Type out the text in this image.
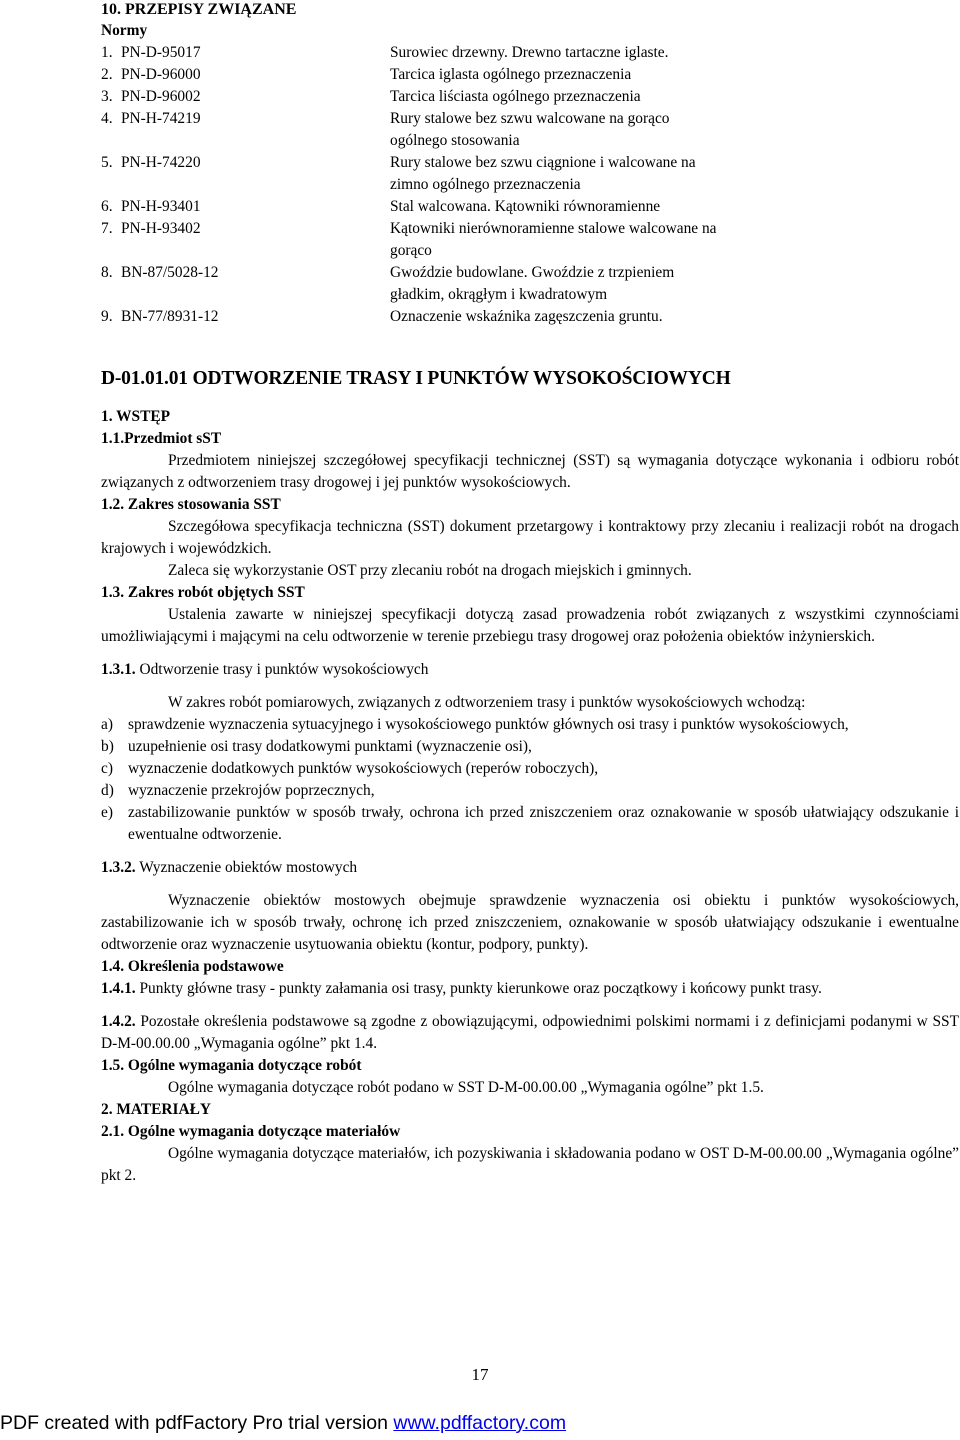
10. PRZEPISY ZWIĄZANE
Normy
1. PN-D-95017	Surowiec drzewny. Drewno tartaczne iglaste.
2. PN-D-96000	Tarcica iglasta ogólnego przeznaczenia
3. PN-D-96002	Tarcica liściasta ogólnego przeznaczenia
4. PN-H-74219	Rury stalowe bez szwu walcowane na gorąco
ogólnego stosowania
5. PN-H-74220	Rury stalowe bez szwu ciągnione i walcowane na
zimno ogólnego przeznaczenia
6. PN-H-93401	Stal walcowana. Kątowniki równoramienne
7. PN-H-93402	Kątowniki nierównoramienne stalowe walcowane na
gorąco
8. BN-87/5028-12	Gwoździe budowlane. Gwoździe z trzpieniem
gładkim, okrągłym i kwadratowym
9. BN-77/8931-12	Oznaczenie wskaźnika zagęszczenia gruntu.
D-01.01.01 ODTWORZENIE TRASY I PUNKTÓW WYSOKOŚCIOWYCH

1. WSTĘP

1.1.Przedmiot sST

Przedmiotem niniejszej szczegółowej specyfikacji technicznej (SST) są wymagania dotyczące wykonania i odbioru robót związanych z odtworzeniem trasy drogowej i jej punktów wysokościowych.

1.2. Zakres stosowania SST

Szczegółowa specyfikacja techniczna (SST) dokument przetargowy i kontraktowy przy zlecaniu i realizacji robót na drogach krajowych i wojewódzkich.

Zaleca się wykorzystanie OST przy zlecaniu robót na drogach miejskich i gminnych.

1.3. Zakres robót objętych SST

Ustalenia zawarte w niniejszej specyfikacji dotyczą zasad prowadzenia robót związanych z wszystkimi czynnościami umożliwiającymi i mającymi na celu odtworzenie w terenie przebiegu trasy drogowej oraz położenia obiektów inżynierskich.

1.3.1. Odtworzenie trasy i punktów wysokościowych

W zakres robót pomiarowych, związanych z odtworzeniem trasy i punktów wysokościowych wchodzą:

a) sprawdzenie wyznaczenia sytuacyjnego i wysokościowego punktów głównych osi trasy i punktów wysokościowych,
b) uzupełnienie osi trasy dodatkowymi punktami (wyznaczenie osi),
c) wyznaczenie dodatkowych punktów wysokościowych (reperów roboczych),
d) wyznaczenie przekrojów poprzecznych,
e) zastabilizowanie punktów w sposób trwały, ochrona ich przed zniszczeniem oraz oznakowanie w sposób ułatwiający odszukanie i ewentualne odtworzenie.

1.3.2. Wyznaczenie obiektów mostowych

Wyznaczenie obiektów mostowych obejmuje sprawdzenie wyznaczenia osi obiektu i punktów wysokościowych, zastabilizowanie ich w sposób trwały, ochronę ich przed zniszczeniem, oznakowanie w sposób ułatwiający odszukanie i ewentualne odtworzenie oraz wyznaczenie usytuowania obiektu (kontur, podpory, punkty).

1.4. Określenia podstawowe

1.4.1. Punkty główne trasy - punkty załamania osi trasy, punkty kierunkowe oraz początkowy i końcowy punkt trasy.

1.4.2. Pozostałe określenia podstawowe są zgodne z obowiązującymi, odpowiednimi polskimi normami i z definicjami podanymi w SST D-M-00.00.00 „Wymagania ogólne” pkt 1.4.

1.5. Ogólne wymagania dotyczące robót

Ogólne wymagania dotyczące robót podano w SST D-M-00.00.00 „Wymagania ogólne” pkt 1.5.

2. MATERIAŁY

2.1. Ogólne wymagania dotyczące materiałów

Ogólne wymagania dotyczące materiałów, ich pozyskiwania i składowania podano w OST D-M-00.00.00 „Wymagania ogólne” pkt 2.

17
PDF created with pdfFactory Pro trial version www.pdffactory.com
